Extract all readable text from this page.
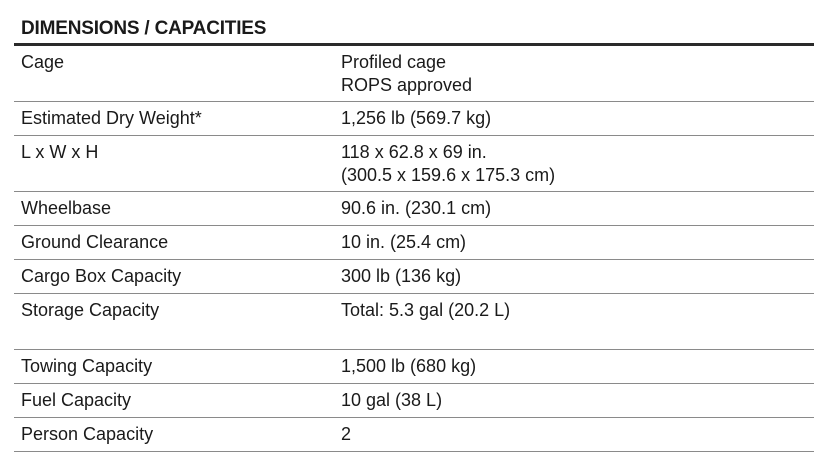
DIMENSIONS / CAPACITIES
Cage	Profiled cage
ROPS approved
Estimated Dry Weight*	1,256 lb (569.7 kg)
L x W x H	118 x 62.8 x 69 in.
(300.5 x 159.6 x 175.3 cm)
Wheelbase	90.6 in. (230.1 cm)
Ground Clearance	10 in. (25.4 cm)
Cargo Box Capacity	300 lb (136 kg)
Storage Capacity	Total: 5.3 gal (20.2 L)
Towing Capacity	1,500 lb (680 kg)
Fuel Capacity	10 gal (38 L)
Person Capacity	2
